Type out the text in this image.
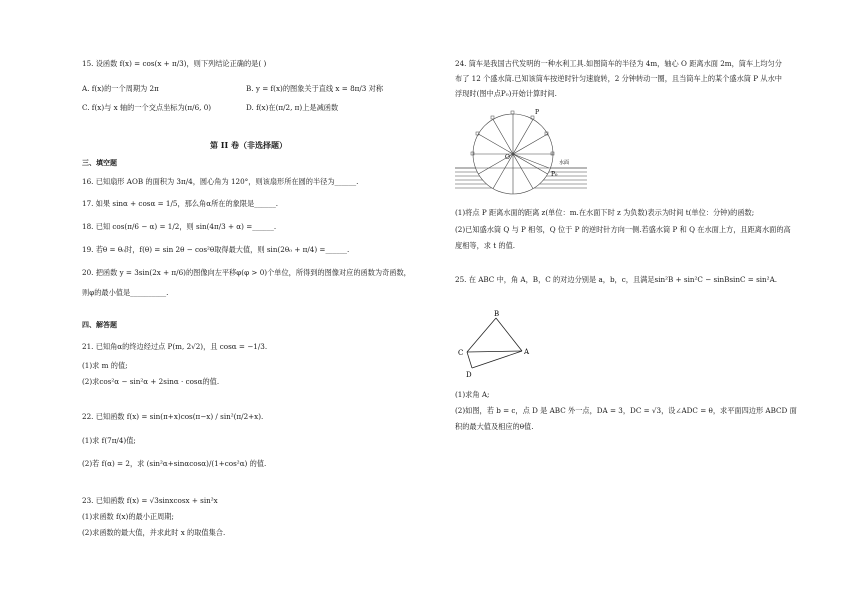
15. 设函数 f(x) = cos(x + π/3)，则下列结论正确的是( )
A. f(x)的一个周期为 2π	B. y = f(x)的图象关于直线 x = 8π/3 对称
C. f(x)与 x 轴的一个交点坐标为(π/6, 0)	D. f(x)在(π/2, π)上是减函数
第 II 卷（非选择题）
三、填空题
16. 已知扇形 AOB 的面积为 3π/4，圆心角为 120°，则该扇形所在圆的半径为______.
17. 如果 sinα + cosα = 1/5，那么角α所在的象限是______.
18. 已知 cos(π/6 − α) = 1/2，则 sin(4π/3 + α) =______.
19. 若θ = θ₀时，f(θ) = sin 2θ − cos²θ取得最大值，则 sin(2θ₀ + π/4) =______.
20. 把函数 y = 3sin(2x + π/6)的图像向左平移φ(φ > 0)个单位，所得到的图像对应的函数为奇函数，
则φ的最小值是__________.
四、解答题
21. 已知角α的终边经过点 P(m, 2√2)，且 cosα = −1/3.
(1)求 m 的值;
(2)求cos²α − sin²α + 2sinα · cosα的值.
22. 已知函数 f(x) = sin(π+x)cos(π−x) / sin²(π/2+x).
(1)求 f(7π/4)值;
(2)若 f(α) = 2，求 (sin²α+sinαcosα)/(1+cos²α) 的值.
23. 已知函数 f(x) = √3sinxcosx + sin²x
(1)求函数 f(x)的最小正周期;
(2)求函数的最大值，并求此时 x 的取值集合.
24. 筒车是我国古代发明的一种水利工具.如图筒车的半径为 4m，轴心 O 距离水面 2m，筒车上均匀分
布了 12 个盛水筒.已知该筒车按逆时针匀速旋转，2 分钟转动一圈，且当筒车上的某个盛水筒 P 从水中
浮现时(图中点P₀)开始计算时间.
P
O
P₀
水面
(1)将点 P 距离水面的距离 z(单位：m.在水面下时 z 为负数)表示为时间 t(单位：分钟)的函数;
(2)已知盛水筒 Q 与 P 相邻，Q 位于 P 的逆时针方向一侧.若盛水筒 P 和 Q 在水面上方，且距离水面的高
度相等，求 t 的值.
25. 在 ABC 中，角 A，B，C 的对边分别是 a，b，c，且满足sin²B + sin²C − sinBsinC = sin²A.
B
C	A
D
(1)求角 A;
(2)如图，若 b = c，点 D 是 ABC 外一点，DA = 3，DC = √3，设∠ADC = θ，求平面四边形 ABCD 面
积的最大值及相应的θ值.
